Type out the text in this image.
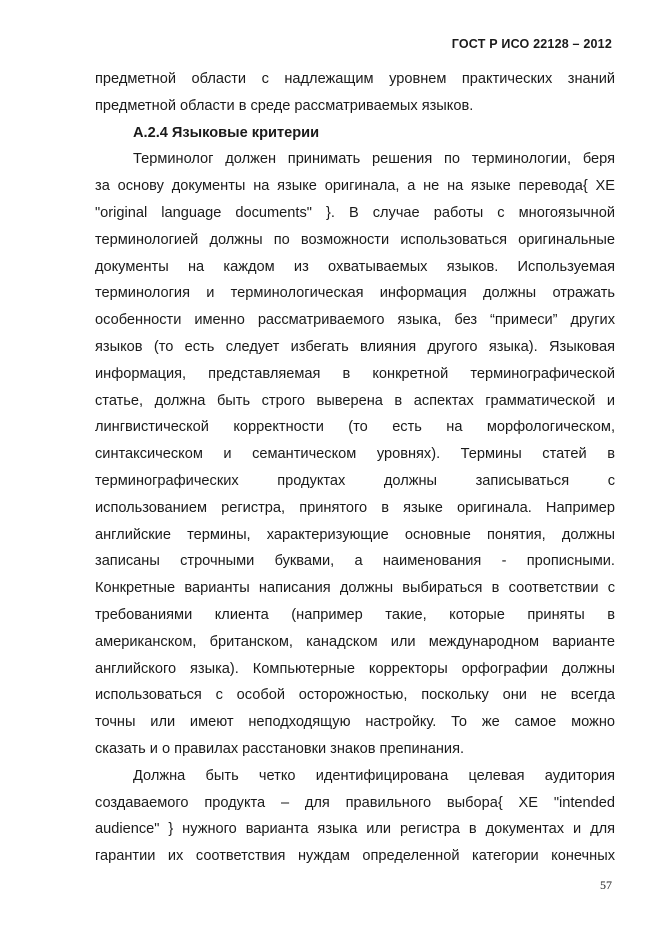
ГОСТ Р ИСО 22128 – 2012
предметной области с надлежащим уровнем практических знаний
предметной области в среде рассматриваемых языков.
А.2.4 Языковые критерии
Терминолог должен принимать решения по терминологии, беря
за основу документы на языке оригинала, а не на языке перевода{ XE
"original language documents" }. В случае работы с многоязычной
терминологией должны по возможности использоваться оригинальные
документы на каждом из охватываемых языков. Используемая
терминология и терминологическая информация должны отражать
особенности именно рассматриваемого языка, без “примеси” других
языков (то есть следует избегать влияния другого языка). Языковая
информация, представляемая в конкретной терминографической
статье, должна быть строго выверена в аспектах грамматической и
лингвистической корректности (то есть на морфологическом,
синтаксическом и семантическом уровнях). Термины статей в
терминографических продуктах должны записываться с
использованием регистра, принятого в языке оригинала. Например
английские термины, характеризующие основные понятия, должны
записаны строчными буквами, а наименования - прописными.
Конкретные варианты написания должны выбираться в соответствии с
требованиями клиента (например такие, которые приняты в
американском, британском, канадском или международном варианте
английского языка). Компьютерные корректоры орфографии должны
использоваться с особой осторожностью, поскольку они не всегда
точны или имеют неподходящую настройку. То же самое можно
сказать и о правилах расстановки знаков препинания.
Должна быть четко идентифицирована целевая аудитория
создаваемого продукта – для правильного выбора{ XE "intended
audience" } нужного варианта языка или регистра в документах и для
гарантии их соответствия нуждам определенной категории конечных
57
